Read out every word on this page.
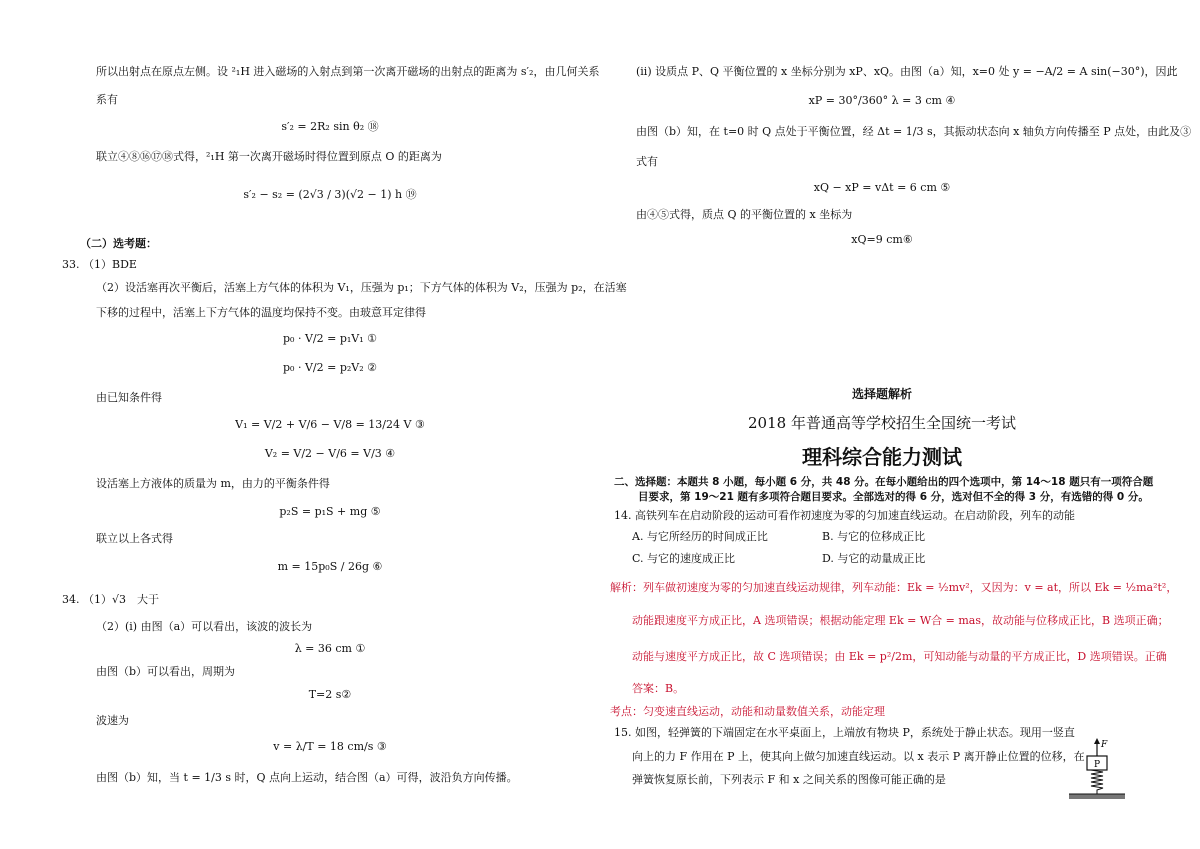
所以出射点在原点左侧。设 ²₁H 进入磁场的入射点到第一次离开磁场的出射点的距离为 s′₂，由几何关系
系有
s′₂ = 2R₂ sin θ₂ ⑱
联立④⑧⑯⑰⑱式得，²₁H 第一次离开磁场时得位置到原点 O 的距离为
s′₂ − s₂ = (2√3 / 3)(√2 − 1) h ⑲
（二）选考题：
33. （1）BDE
（2）设活塞再次平衡后，活塞上方气体的体积为 V₁，压强为 p₁；下方气体的体积为 V₂，压强为 p₂，在活塞
下移的过程中，活塞上下方气体的温度均保持不变。由玻意耳定律得
p₀ · V/2 = p₁V₁ ①
p₀ · V/2 = p₂V₂ ②
由已知条件得
V₁ = V/2 + V/6 − V/8 = 13/24 V ③
V₂ = V/2 − V/6 = V/3 ④
设活塞上方液体的质量为 m，由力的平衡条件得
p₂S = p₁S + mg ⑤
联立以上各式得
m = 15p₀S / 26g ⑥
34. （1）√3　大于
（2）(i) 由图（a）可以看出，该波的波长为
λ = 36 cm ①
由图（b）可以看出，周期为
T=2 s②
波速为
v = λ/T = 18 cm/s ③
由图（b）知，当 t = 1/3 s 时，Q 点向上运动，结合图（a）可得，波沿负方向传播。
(ii) 设质点 P、Q 平衡位置的 x 坐标分别为 xP、xQ。由图（a）知，x=0 处 y = −A/2 = A sin(−30°)，因此
xP = 30°/360° λ = 3 cm ④
由图（b）知，在 t=0 时 Q 点处于平衡位置，经 Δt = 1/3 s，其振动状态向 x 轴负方向传播至 P 点处，由此及③
式有
xQ − xP = vΔt = 6 cm ⑤
由④⑤式得，质点 Q 的平衡位置的 x 坐标为
xQ=9 cm⑥
选择题解析
2018 年普通高等学校招生全国统一考试
理科综合能力测试
二、选择题：本题共 8 小题，每小题 6 分，共 48 分。在每小题给出的四个选项中，第 14～18 题只有一项符合题
目要求，第 19～21 题有多项符合题目要求。全部选对的得 6 分，选对但不全的得 3 分，有选错的得 0 分。
14. 高铁列车在启动阶段的运动可看作初速度为零的匀加速直线运动。在启动阶段，列车的动能
A. 与它所经历的时间成正比	B. 与它的位移成正比
C. 与它的速度成正比	D. 与它的动量成正比
解析：列车做初速度为零的匀加速直线运动规律，列车动能：Ek = ½mv²，又因为：v = at，所以 Ek = ½ma²t²，
动能跟速度平方成正比，A 选项错误；根据动能定理 Ek = W合 = mas，故动能与位移成正比，B 选项正确；
动能与速度平方成正比，故 C 选项错误；由 Ek = p²/2m，可知动能与动量的平方成正比，D 选项错误。正确
答案：B。
考点：匀变速直线运动，动能和动量数值关系，动能定理
15. 如图，轻弹簧的下端固定在水平桌面上，上端放有物块 P，系统处于静止状态。现用一竖直
向上的力 F 作用在 P 上，使其向上做匀加速直线运动。以 x 表示 P 离开静止位置的位移，在
弹簧恢复原长前，下列表示 F 和 x 之间关系的图像可能正确的是
F
P
